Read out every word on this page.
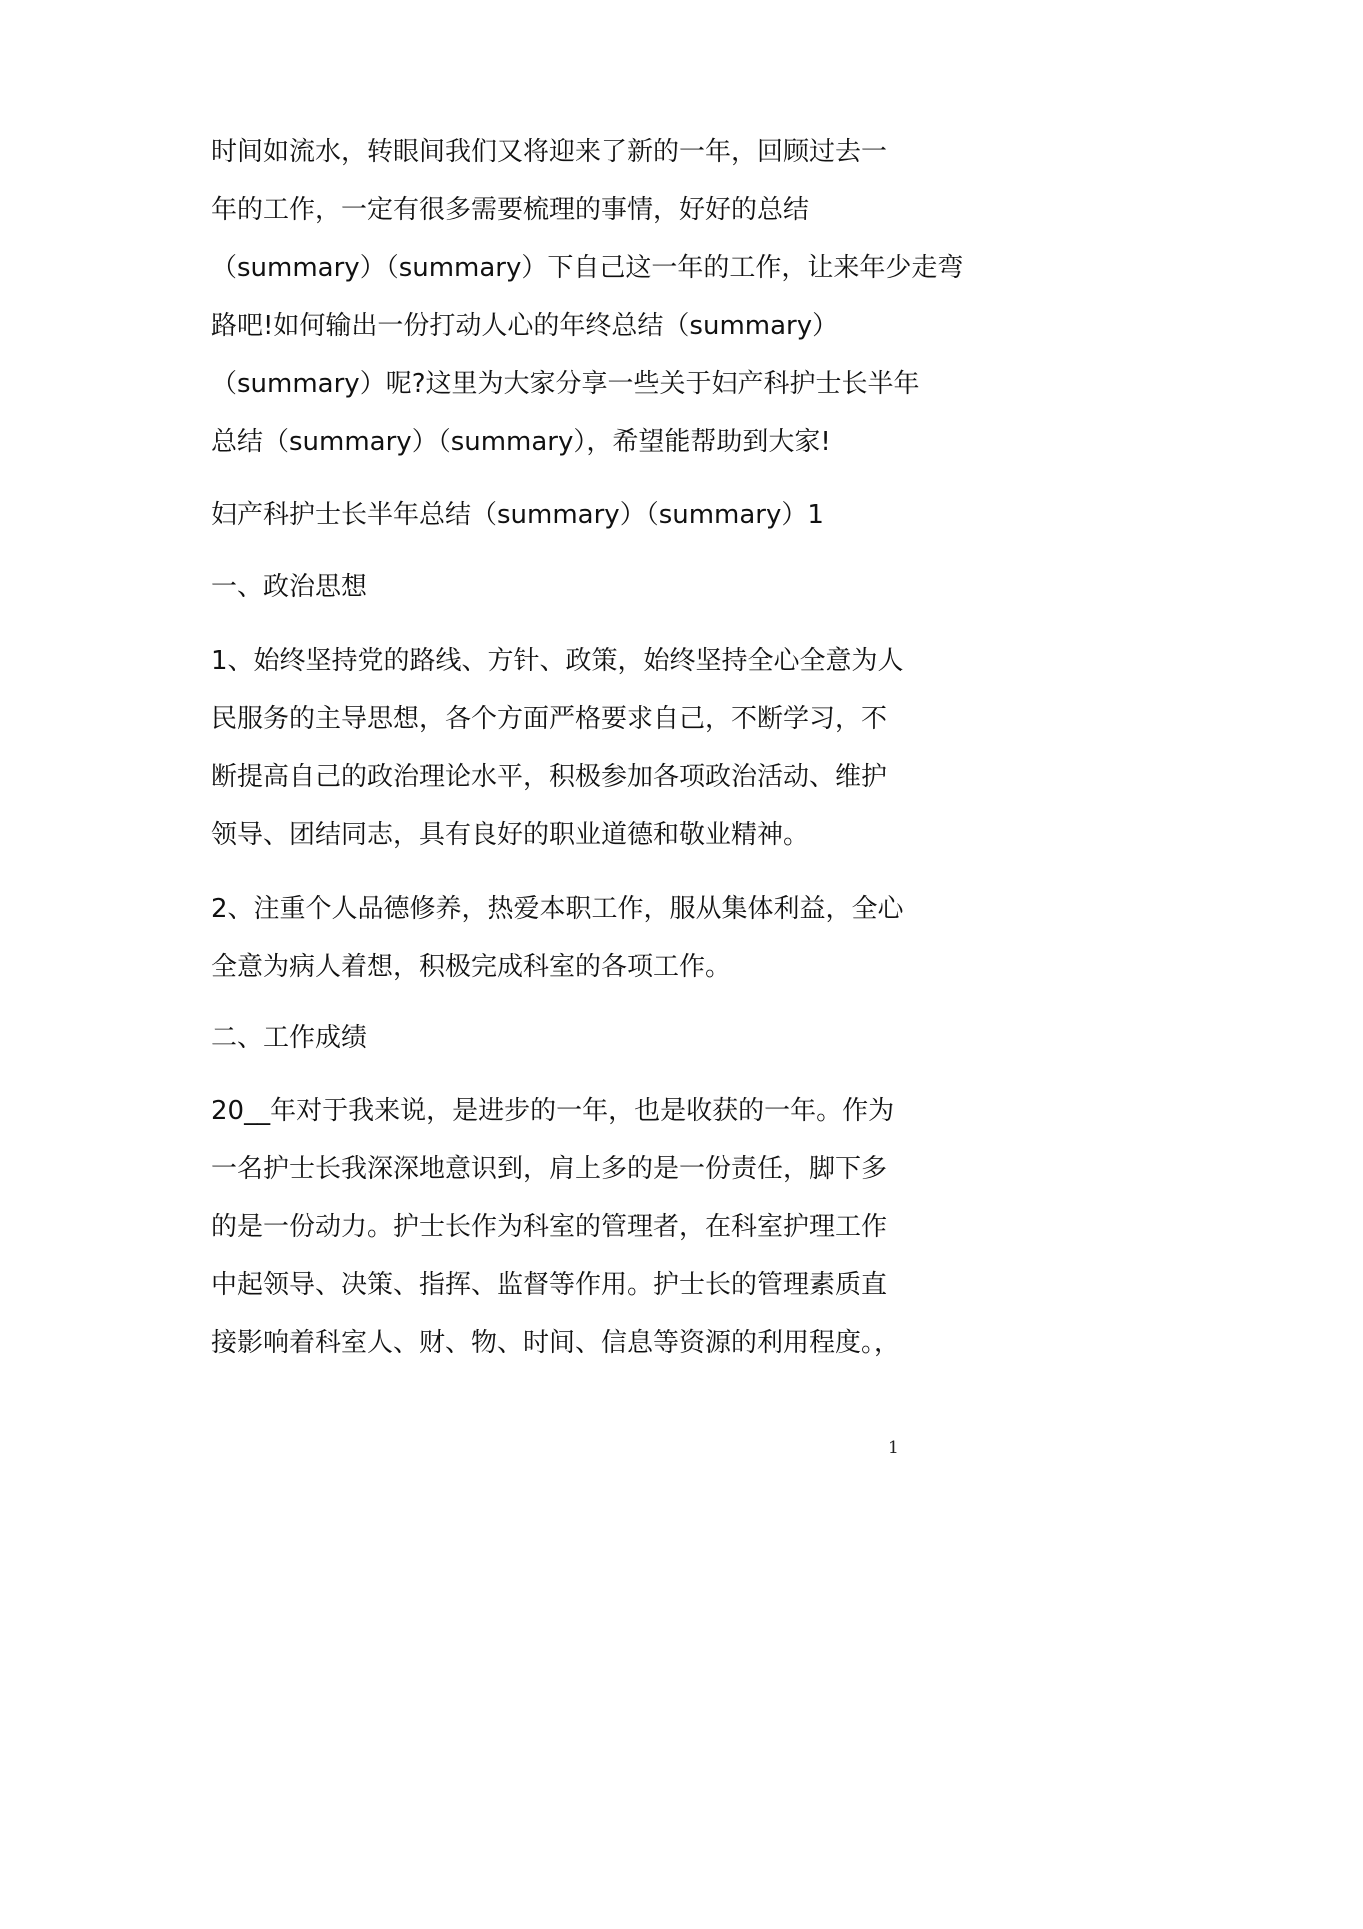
时间如流水，转眼间我们又将迎来了新的一年，回顾过去一
年的工作，一定有很多需要梳理的事情，好好的总结
（summary）（summary）下自己这一年的工作，让来年少走弯
路吧!如何输出一份打动人心的年终总结（summary）
（summary）呢?这里为大家分享一些关于妇产科护士长半年
总结（summary）（summary），希望能帮助到大家!
妇产科护士长半年总结（summary）（summary）1
一、政治思想
1、始终坚持党的路线、方针、政策，始终坚持全心全意为人
民服务的主导思想，各个方面严格要求自己，不断学习，不
断提高自己的政治理论水平，积极参加各项政治活动、维护
领导、团结同志，具有良好的职业道德和敬业精神。
2、注重个人品德修养，热爱本职工作，服从集体利益，全心
全意为病人着想，积极完成科室的各项工作。
二、工作成绩
20__年对于我来说，是进步的一年，也是收获的一年。作为
一名护士长我深深地意识到，肩上多的是一份责任，脚下多
的是一份动力。护士长作为科室的管理者，在科室护理工作
中起领导、决策、指挥、监督等作用。护士长的管理素质直
接影响着科室人、财、物、时间、信息等资源的利用程度。，
1
